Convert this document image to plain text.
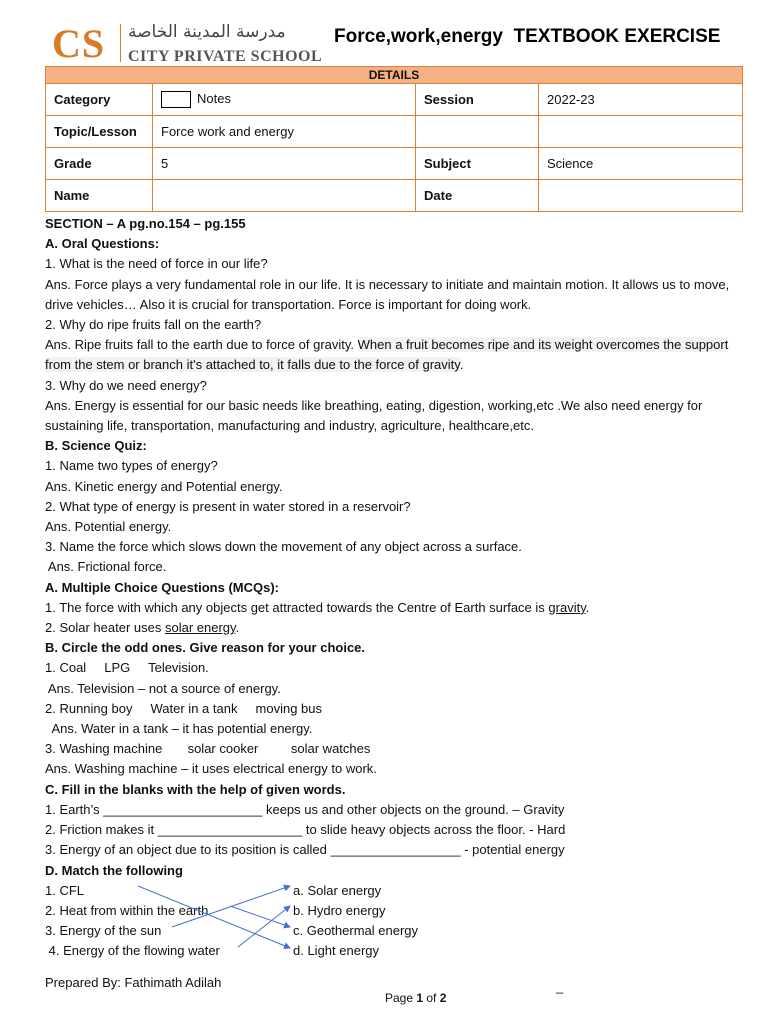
CS مدرسة المدينة الخاصة
CITY PRIVATE SCHOOL
Force,work,energy  TEXTBOOK EXERCISE
DETAILS			
Category	Notes	Session	2022-23
Topic/Lesson	Force work and energy		
Grade	5	Subject	Science
Name		Date	

SECTION – A pg.no.154 – pg.155

A. Oral Questions:

1. What is the need of force in our life?

Ans. Force plays a very fundamental role in our life. It is necessary to initiate and maintain motion. It allows us to move, drive vehicles… Also it is crucial for transportation. Force is important for doing work.

2. Why do ripe fruits fall on the earth?

Ans. Ripe fruits fall to the earth due to force of gravity. When a fruit becomes ripe and its weight overcomes the support from the stem or branch it's attached to, it falls due to the force of gravity.

3. Why do we need energy?

Ans. Energy is essential for our basic needs like breathing, eating, digestion, working,etc .We also need energy for sustaining life, transportation, manufacturing and industry, agriculture, healthcare,etc.

B. Science Quiz:

1. Name two types of energy?

Ans. Kinetic energy and Potential energy.

2. What type of energy is present in water stored in a reservoir?

Ans. Potential energy.

3. Name the force which slows down the movement of any object across a surface.

Ans. Frictional force.

A. Multiple Choice Questions (MCQs):

1. The force with which any objects get attracted towards the Centre of Earth surface is gravity.

2. Solar heater uses solar energy.

B. Circle the odd ones. Give reason for your choice.

1. Coal     LPG     Television.

Ans. Television – not a source of energy.

2. Running boy     Water in a tank     moving bus

Ans. Water in a tank – it has potential energy.

3. Washing machine       solar cooker         solar watches

Ans. Washing machine – it uses electrical energy to work.

C. Fill in the blanks with the help of given words.

1. Earth’s ______________________ keeps us and other objects on the ground. – Gravity

2. Friction makes it ____________________ to slide heavy objects across the floor. - Hard

3. Energy of an object due to its position is called __________________ - potential energy

D. Match the following

1. CFL

2. Heat from within the earth

3. Energy of the sun

4. Energy of the flowing water

a. Solar energy

b. Hydro energy

c. Geothermal energy

d. Light energy

Prepared By: Fathimath Adilah	_
Page 1 of 2
